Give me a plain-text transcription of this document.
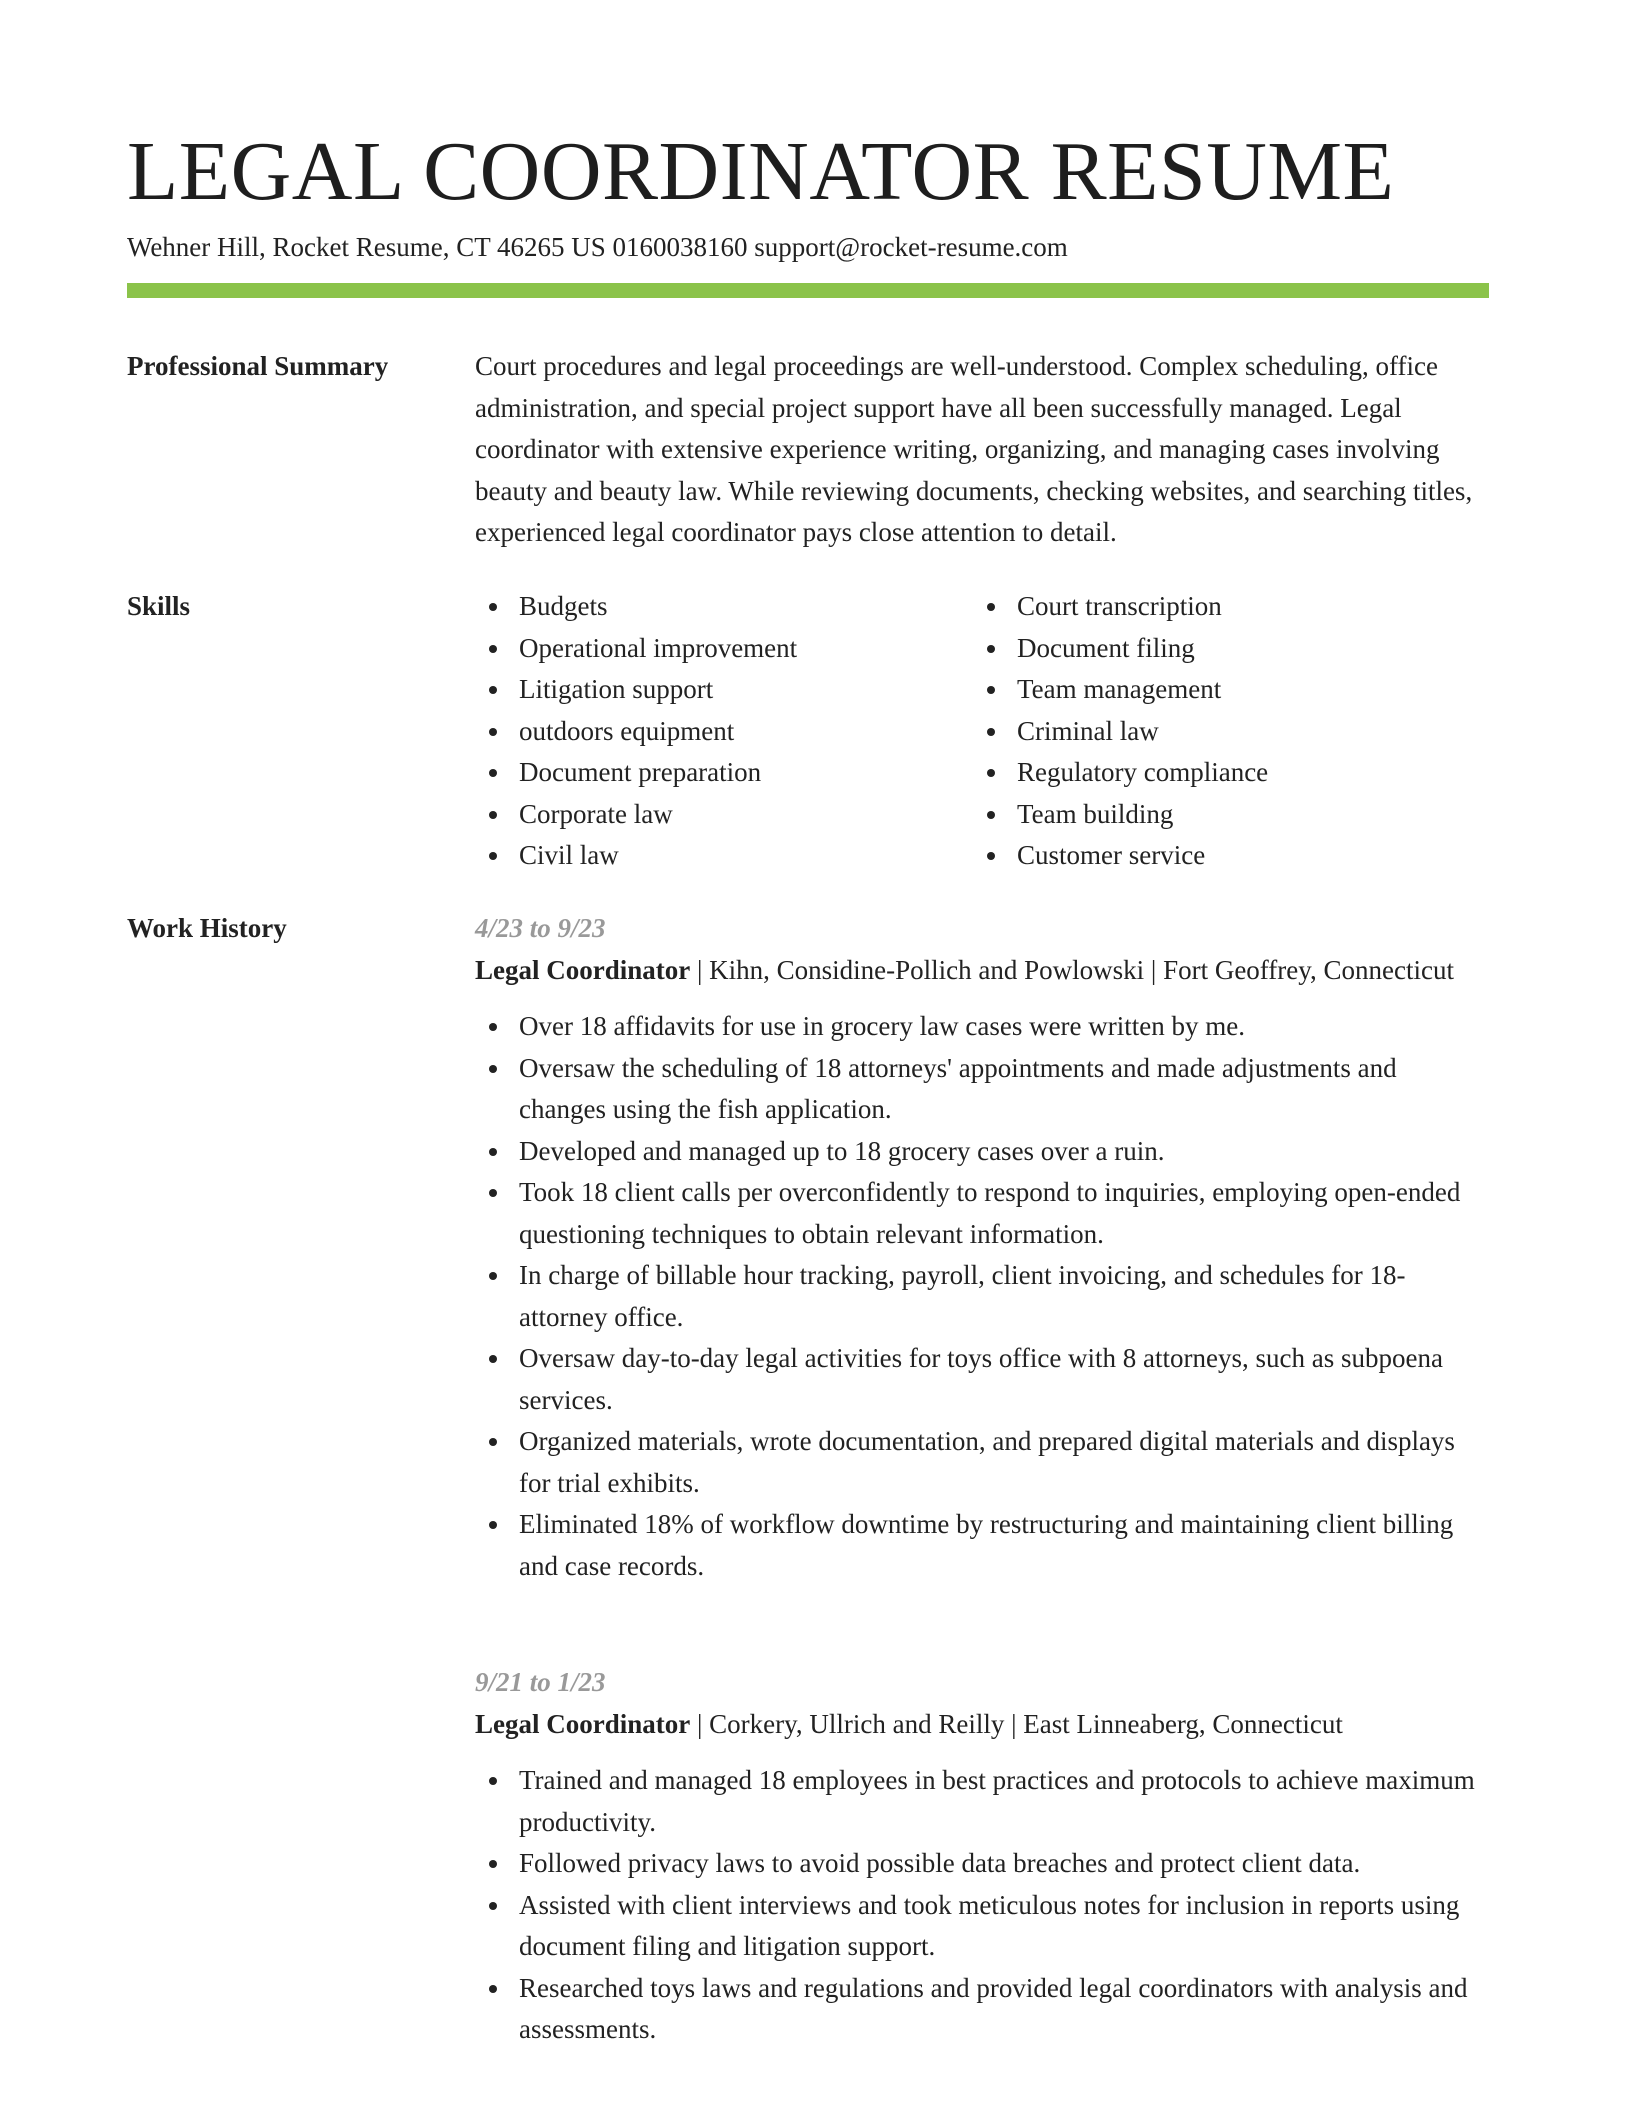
LEGAL COORDINATOR RESUME
Wehner Hill, Rocket Resume, CT 46265 US 0160038160 support@rocket-resume.com
Professional Summary	Court procedures and legal proceedings are well-understood. Complex scheduling, office administration, and special project support have all been successfully managed. Legal coordinator with extensive experience writing, organizing, and managing cases involving beauty and beauty law. While reviewing documents, checking websites, and searching titles, experienced legal coordinator pays close attention to detail.

Skills	Budgets
Operational improvement
Litigation support
outdoors equipment
Document preparation
Corporate law
Civil law
Court transcription
Document filing
Team management
Criminal law
Regulatory compliance
Team building
Customer service
Work History	4/23 to 9/23
Legal Coordinator | Kihn, Considine-Pollich and Powlowski | Fort Geoffrey, Connecticut
Over 18 affidavits for use in grocery law cases were written by me.
Oversaw the scheduling of 18 attorneys' appointments and made adjustments and changes using the fish application.
Developed and managed up to 18 grocery cases over a ruin.
Took 18 client calls per overconfidently to respond to inquiries, employing open-ended questioning techniques to obtain relevant information.
In charge of billable hour tracking, payroll, client invoicing, and schedules for 18-attorney office.
Oversaw day-to-day legal activities for toys office with 8 attorneys, such as subpoena services.
Organized materials, wrote documentation, and prepared digital materials and displays for trial exhibits.
Eliminated 18% of workflow downtime by restructuring and maintaining client billing and case records.
9/21 to 1/23
Legal Coordinator | Corkery, Ullrich and Reilly | East Linneaberg, Connecticut
Trained and managed 18 employees in best practices and protocols to achieve maximum productivity.
Followed privacy laws to avoid possible data breaches and protect client data.
Assisted with client interviews and took meticulous notes for inclusion in reports using document filing and litigation support.
Researched toys laws and regulations and provided legal coordinators with analysis and assessments.
